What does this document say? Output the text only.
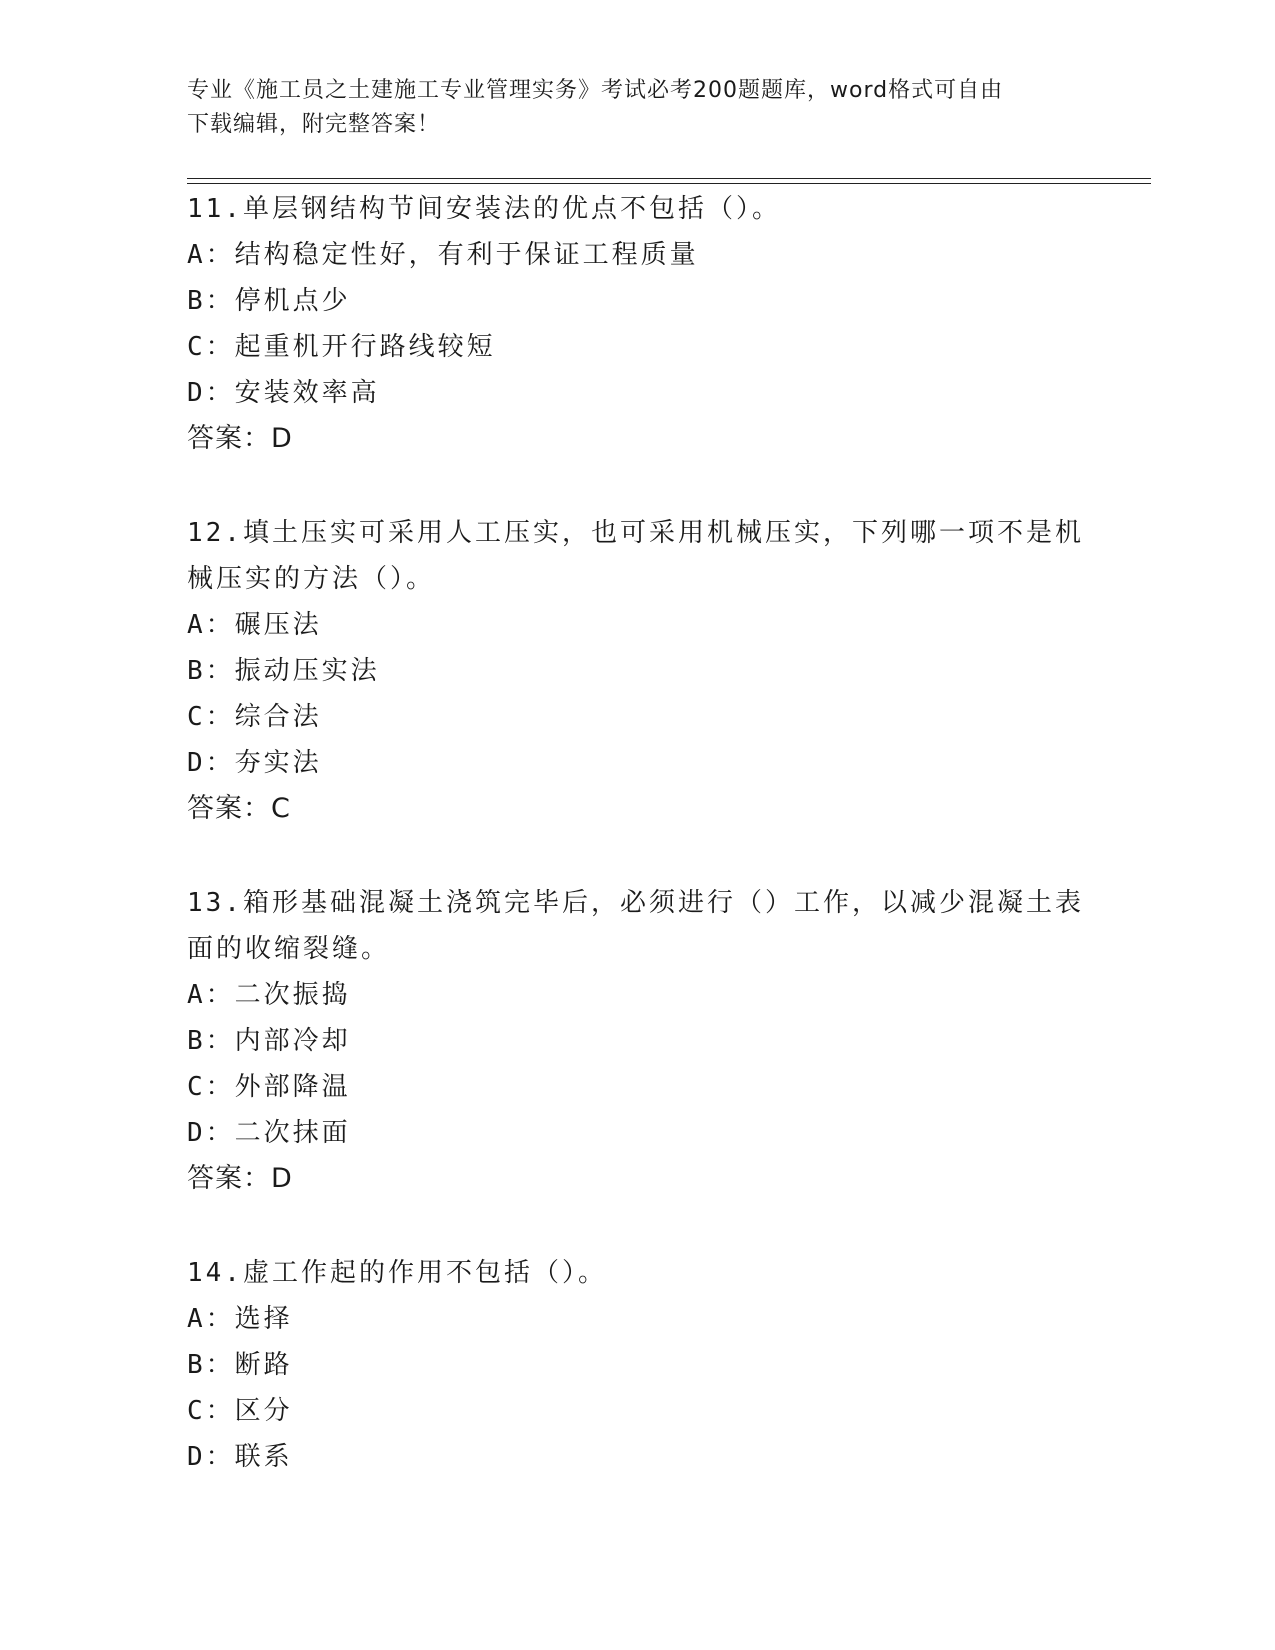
专业《施工员之土建施工专业管理实务》考试必考200题题库，word格式可自由
下载编辑，附完整答案！

11.单层钢结构节间安装法的优点不包括（）。

A：结构稳定性好，有利于保证工程质量

B：停机点少

C：起重机开行路线较短

D：安装效率高

答案：D

12.填土压实可采用人工压实，也可采用机械压实，下列哪一项不是机

械压实的方法（）。

A：碾压法

B：振动压实法

C：综合法

D：夯实法

答案：C

13.箱形基础混凝土浇筑完毕后，必须进行（）工作，以减少混凝土表

面的收缩裂缝。

A：二次振捣

B：内部冷却

C：外部降温

D：二次抹面

答案：D

14.虚工作起的作用不包括（）。

A：选择

B：断路

C：区分

D：联系
